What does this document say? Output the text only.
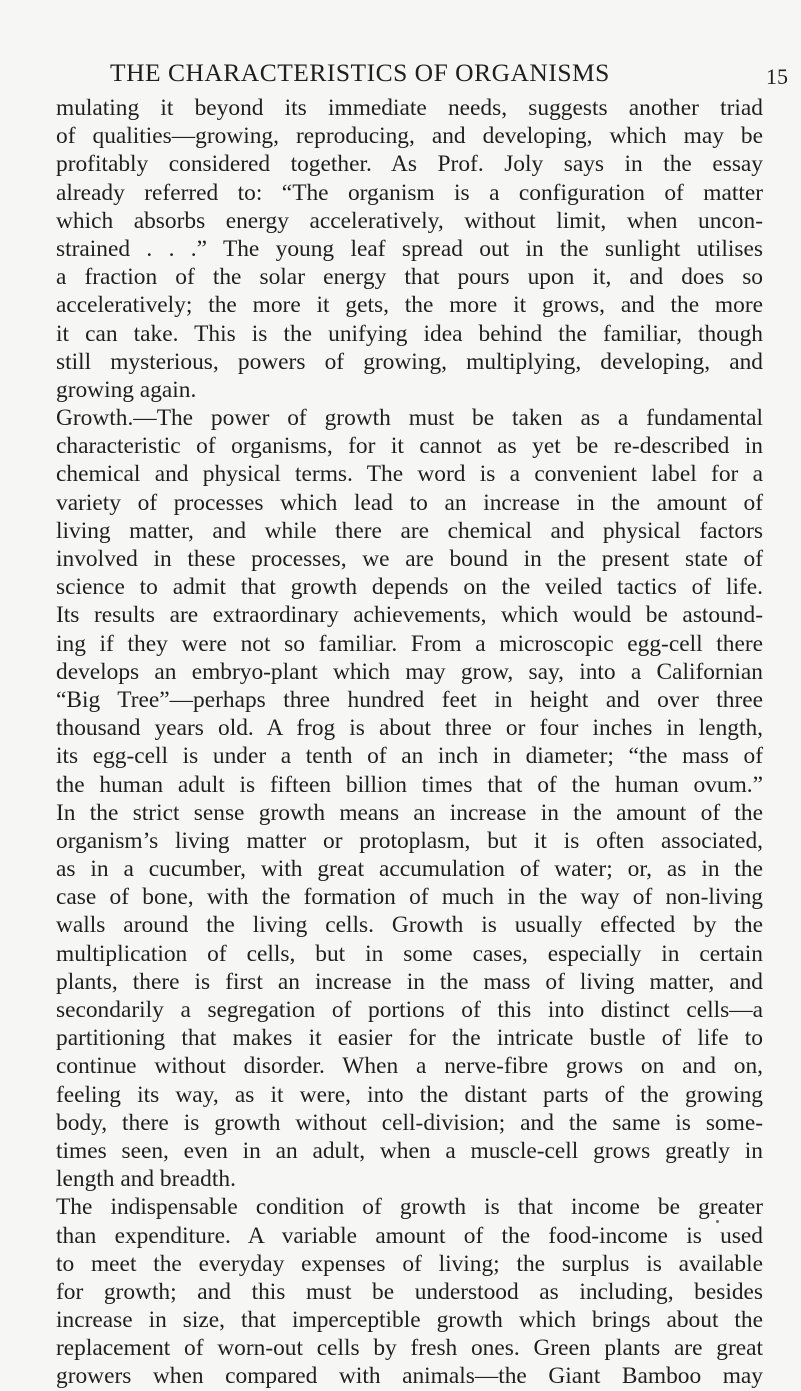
THE CHARACTERISTICS OF ORGANISMS	15
mulating it beyond its immediate needs, suggests another triad
of qualities—growing, reproducing, and developing, which may be
profitably considered together. As Prof. Joly says in the essay
already referred to: “The organism is a configuration of matter
which absorbs energy acceleratively, without limit, when uncon-
strained . . .” The young leaf spread out in the sunlight utilises
a fraction of the solar energy that pours upon it, and does so
acceleratively; the more it gets, the more it grows, and the more
it can take. This is the unifying idea behind the familiar, though
still mysterious, powers of growing, multiplying, developing, and
growing again.
Growth.—The power of growth must be taken as a fundamental
characteristic of organisms, for it cannot as yet be re-described in
chemical and physical terms. The word is a convenient label for a
variety of processes which lead to an increase in the amount of
living matter, and while there are chemical and physical factors
involved in these processes, we are bound in the present state of
science to admit that growth depends on the veiled tactics of life.
Its results are extraordinary achievements, which would be astound-
ing if they were not so familiar. From a microscopic egg-cell there
develops an embryo-plant which may grow, say, into a Californian
“Big Tree”—perhaps three hundred feet in height and over three
thousand years old. A frog is about three or four inches in length,
its egg-cell is under a tenth of an inch in diameter; “the mass of
the human adult is fifteen billion times that of the human ovum.”
In the strict sense growth means an increase in the amount of the
organism’s living matter or protoplasm, but it is often associated,
as in a cucumber, with great accumulation of water; or, as in the
case of bone, with the formation of much in the way of non-living
walls around the living cells. Growth is usually effected by the
multiplication of cells, but in some cases, especially in certain
plants, there is first an increase in the mass of living matter, and
secondarily a segregation of portions of this into distinct cells—a
partitioning that makes it easier for the intricate bustle of life to
continue without disorder. When a nerve-fibre grows on and on,
feeling its way, as it were, into the distant parts of the growing
body, there is growth without cell-division; and the same is some-
times seen, even in an adult, when a muscle-cell grows greatly in
length and breadth.
The indispensable condition of growth is that income be greater
than expenditure. A variable amount of the food-income is used
to meet the everyday expenses of living; the surplus is available
for growth; and this must be understood as including, besides
increase in size, that imperceptible growth which brings about the
replacement of worn-out cells by fresh ones. Green plants are great
growers when compared with animals—the Giant Bamboo may
